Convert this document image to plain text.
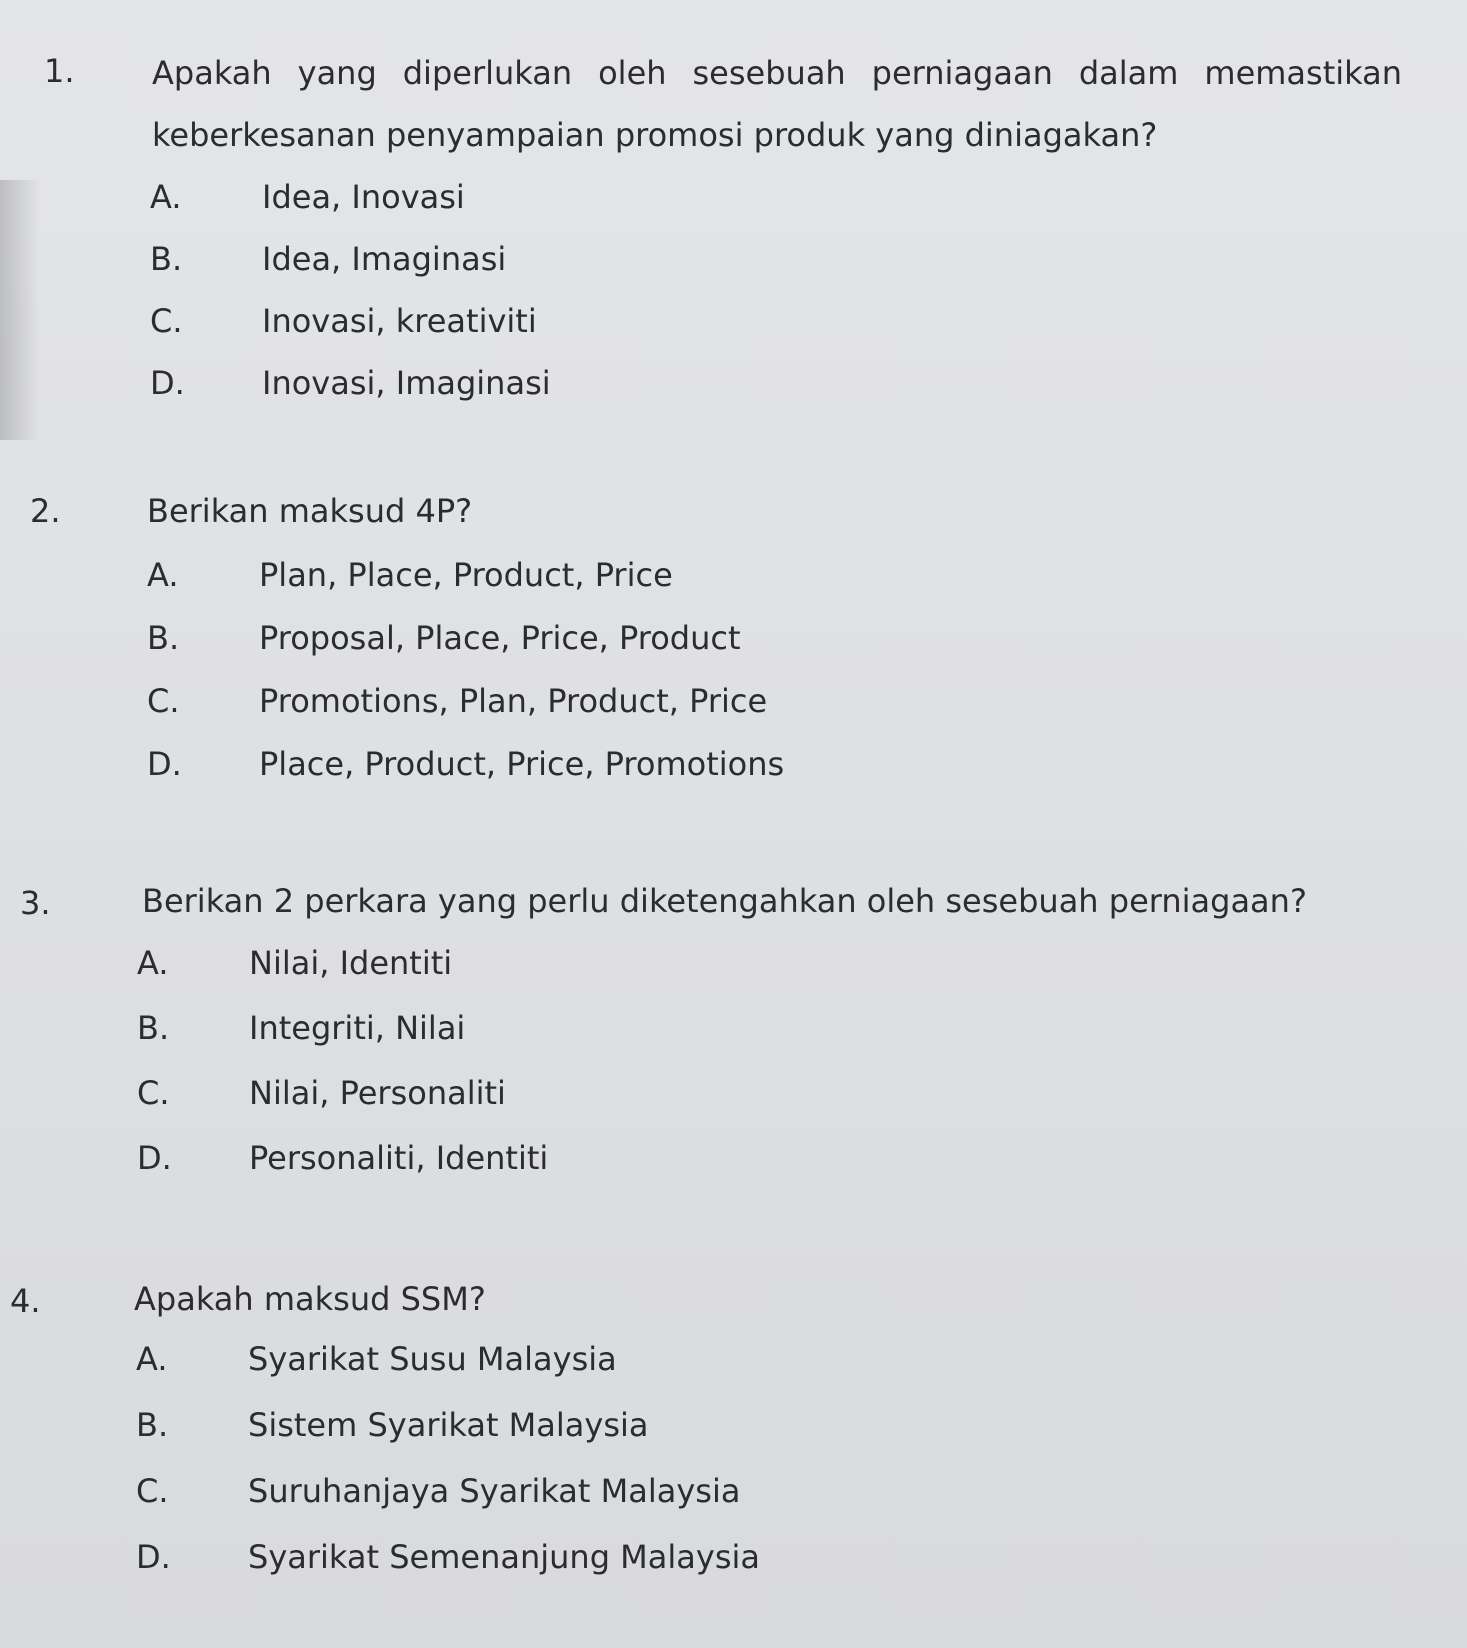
1. Apakah yang diperlukan oleh sesebuah perniagaan dalam memastikan keberkesanan penyampaian promosi produk yang diniagakan?
A.	Idea, Inovasi
B. Idea, Imaginasi
C. Inovasi, kreativiti
D. Inovasi, Imaginasi
2.	Berikan maksud 4P?
A.	Plan, Place, Product, Price
B. Proposal, Place, Price, Product
C. Promotions, Plan, Product, Price
D. Place, Product, Price, Promotions
3.	Berikan 2 perkara yang perlu diketengahkan oleh sesebuah perniagaan?
A.	Nilai, Identiti
B. Integriti, Nilai
C. Nilai, Personaliti
D. Personaliti, Identiti
4.	Apakah maksud SSM?
A.	Syarikat Susu Malaysia
B. Sistem Syarikat Malaysia
C. Suruhanjaya Syarikat Malaysia
D. Syarikat Semenanjung Malaysia
